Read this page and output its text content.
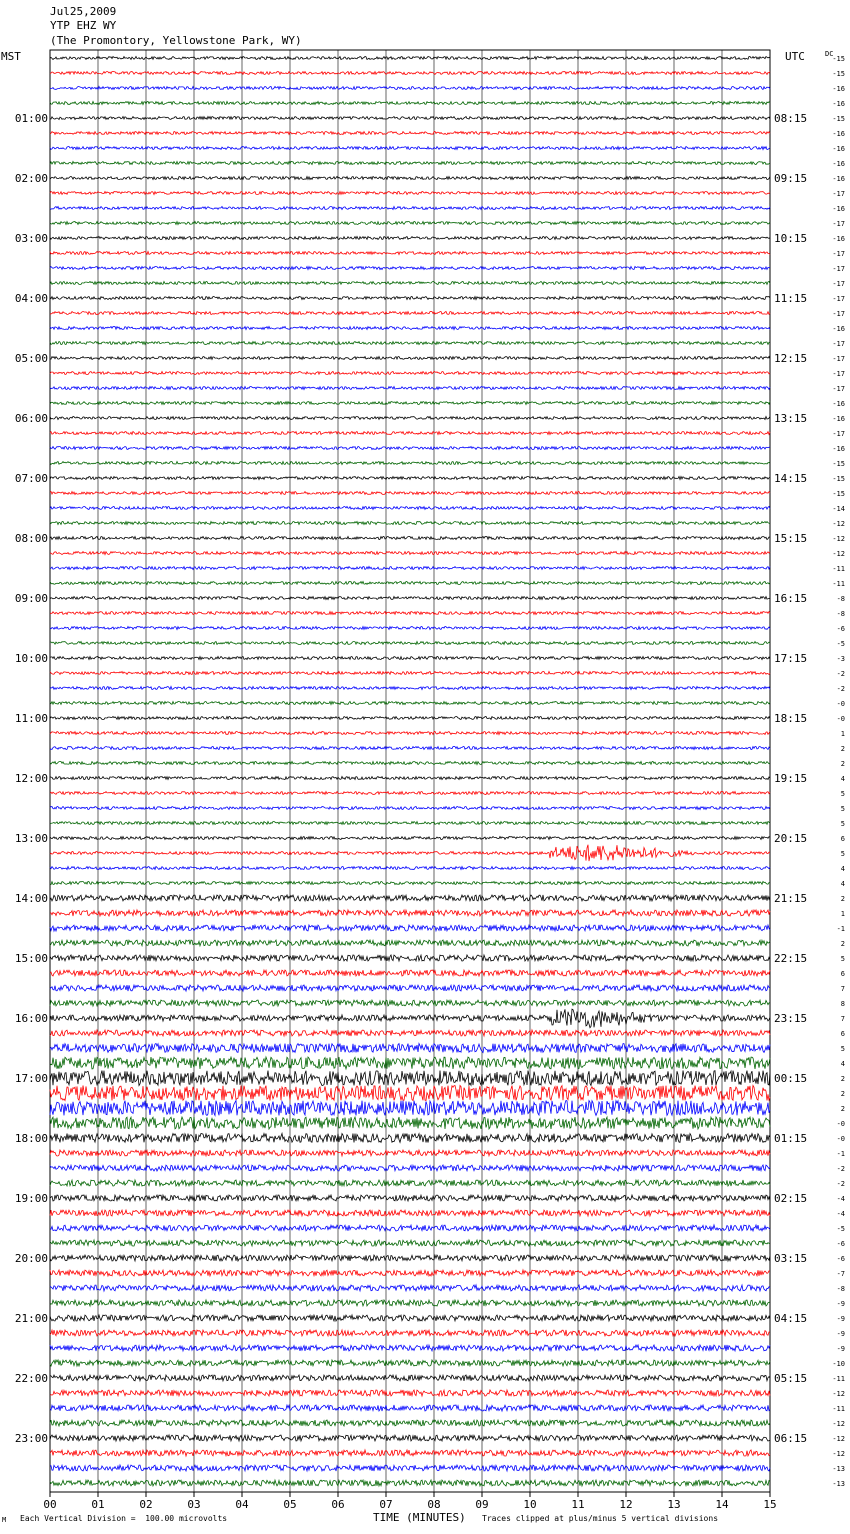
Jul25,2009
YTP EHZ WY
(The Promontory, Yellowstone Park, WY)
MST	UTC	DC
-15
-15
-16
-16
-15
-16
-16
-16
-16
-17
-16
-17
-16
-17
-17
-17
-17
-17
-16
-17
-17
-17
-17
-16
-16
-17
-16
-15
-15
-15
-14
-12
-12
-12
-11
-11
-8
-8
-6
-5
-3
-2
-2
-0
-0
1
2
2
4
5
5
5
6
5
4
4
2
1
-1
2
5
6
7
8
7
6
5
4
2
2
2
-0
-0
-1
-2
-2
-4
-4
-5
-6
-6
-7
-8
-9
-9
-9
-9
-10
-11
-12
-11
-12
-12
-12
-13
-13
01:00	08:15
02:00	09:15
03:00	10:15
04:00	11:15
05:00	12:15
06:00	13:15
07:00	14:15
08:00	15:15
09:00	16:15
10:00	17:15
11:00	18:15
12:00	19:15
13:00	20:15
14:00	21:15
15:00	22:15
16:00	23:15
17:00	00:15
18:00	01:15
19:00	02:15
20:00	03:15
21:00	04:15
22:00	05:15
23:00	06:15
00	01	02	03	04	05	06	07	08	09	10	11	12	13	14	15
M Each Vertical Division =  100.00 microvolts	TIME (MINUTES) Traces clipped at plus/minus 5 vertical divisions
